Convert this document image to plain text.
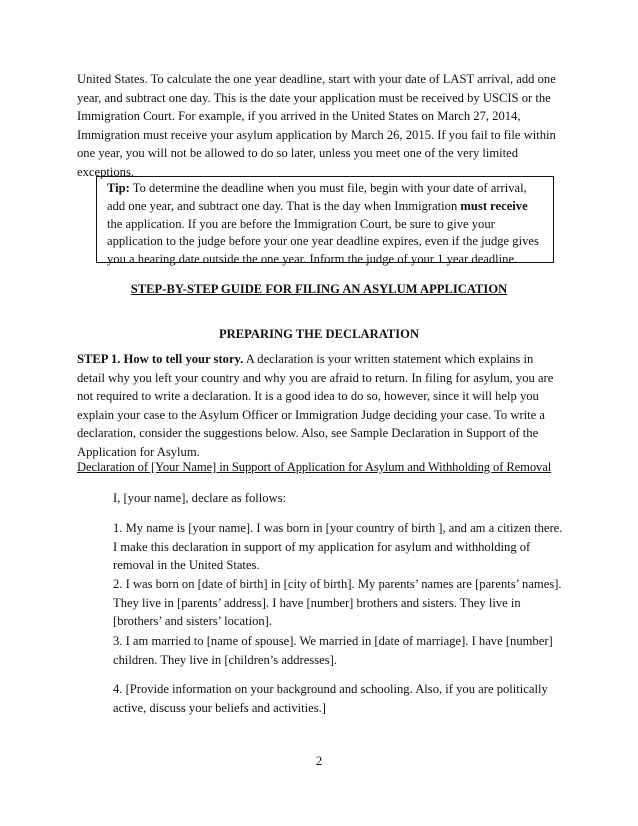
United States. To calculate the one year deadline, start with your date of LAST arrival, add one year, and subtract one day. This is the date your application must be received by USCIS or the Immigration Court. For example, if you arrived in the United States on March 27, 2014, Immigration must receive your asylum application by March 26, 2015. If you fail to file within one year, you will not be allowed to do so later, unless you meet one of the very limited exceptions.

Tip: To determine the deadline when you must file, begin with your date of arrival, add one year, and subtract one day. That is the day when Immigration must receive the application. If you are before the Immigration Court, be sure to give your application to the judge before your one year deadline expires, even if the judge gives you a hearing date outside the one year. Inform the judge of your 1 year deadline.

STEP-BY-STEP GUIDE FOR FILING AN ASYLUM APPLICATION

PREPARING THE DECLARATION

STEP 1. How to tell your story. A declaration is your written statement which explains in detail why you left your country and why you are afraid to return. In filing for asylum, you are not required to write a declaration. It is a good idea to do so, however, since it will help you explain your case to the Asylum Officer or Immigration Judge deciding your case. To write a declaration, consider the suggestions below. Also, see Sample Declaration in Support of the Application for Asylum.

Declaration of [Your Name] in Support of Application for Asylum and Withholding of Removal

I, [your name], declare as follows:

1. My name is [your name]. I was born in [your country of birth ], and am a citizen there. I make this declaration in support of my application for asylum and withholding of removal in the United States.

2. I was born on [date of birth] in [city of birth]. My parents’ names are [parents’ names]. They live in [parents’ address]. I have [number] brothers and sisters. They live in [brothers’ and sisters’ location].

3. I am married to [name of spouse]. We married in [date of marriage]. I have [number] children. They live in [children’s addresses].

4. [Provide information on your background and schooling. Also, if you are politically active, discuss your beliefs and activities.]

2
